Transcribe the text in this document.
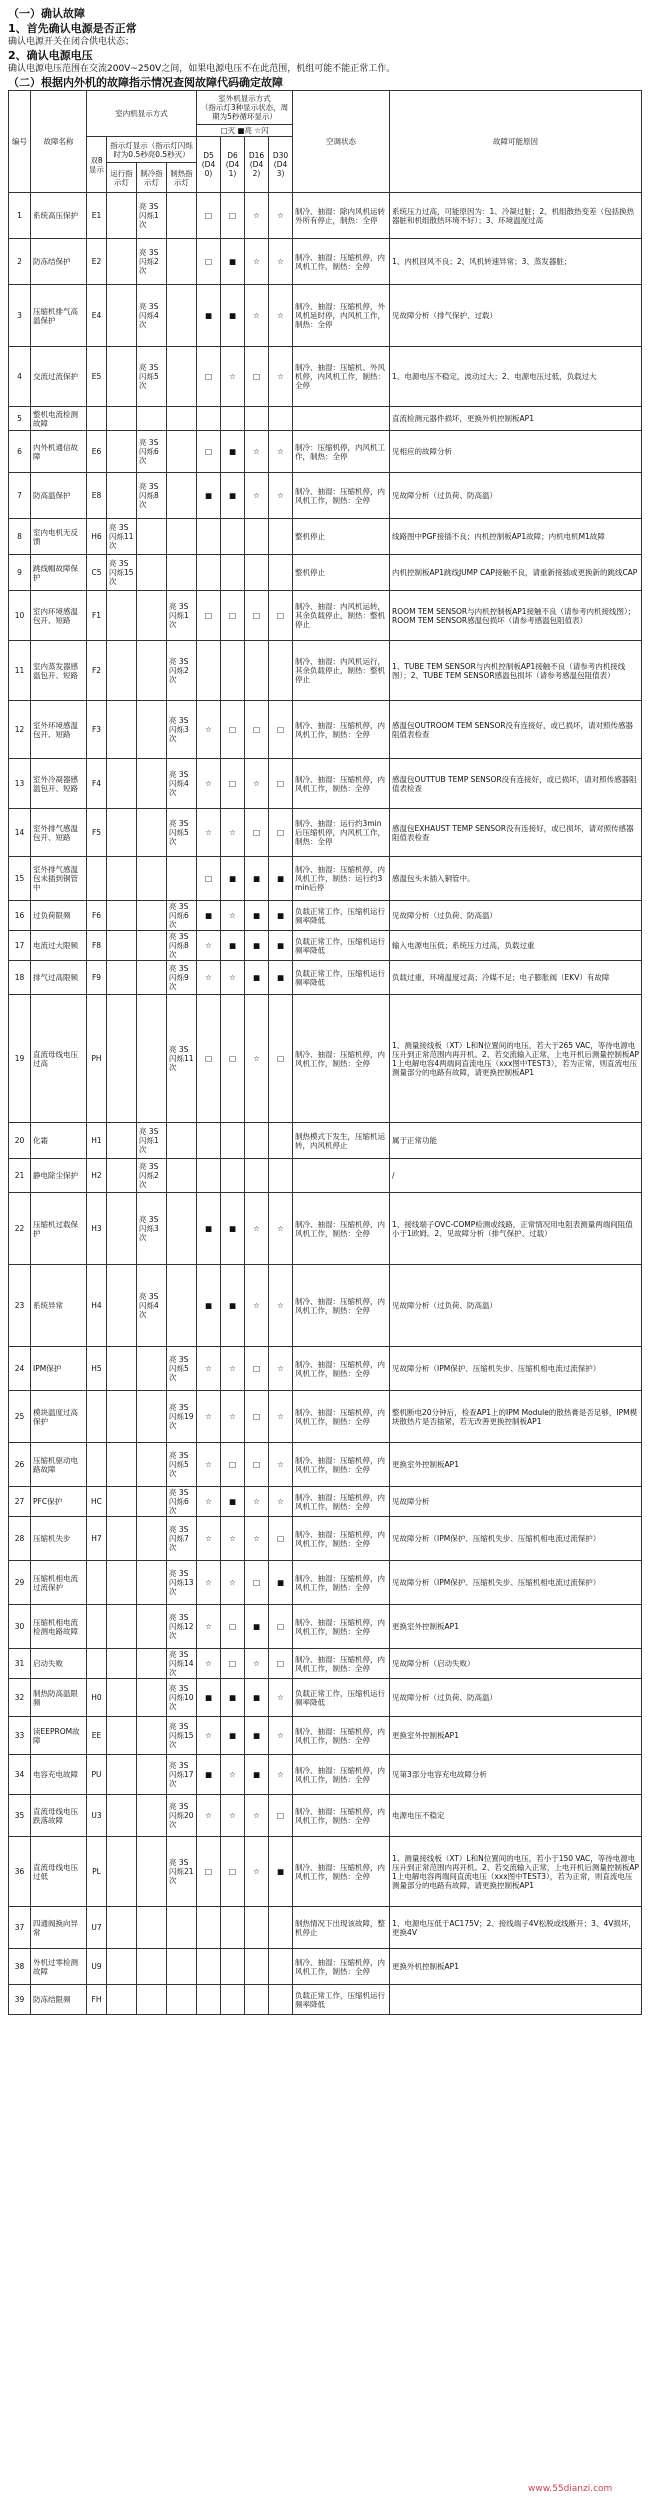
（一）确认故障

1、首先确认电源是否正常

确认电源开关在闭合供电状态；

2、确认电源电压

确认电源电压范围在交流200V~250V之间，如果电源电压不在此范围，机组可能不能正常工作。

（二）根据内外机的故障指示情况查阅故障代码确定故障

编号	故障名称	室内机显示方式				室外机显示方式
（指示灯3种显示状态，周期为5秒循环显示）				空调状态	故障可能原因
						□灭 ■亮 ☆闪					
		双8显示	指示灯显示（指示灯闪烁时为0.5秒亮0.5秒灭）			D5 (D40)	D6 (D41)	D16 (D42)	D30 (D43)		
			运行指示灯	制冷指示灯	制热指示灯						
1	系统高压保护	E1		亮 3S 闪烁1次		□	□	☆	☆	制冷、抽湿：除内风机运转外所有停止，制热：全停	系统压力过高，可能原因为：1、冷凝过脏；2、机组散热变差（包括换热器脏和机组散热环境不好）；3、环境温度过高
2	防冻结保护	E2		亮 3S 闪烁2次		□	■	☆	☆	制冷、抽湿：压缩机停，内风机工作，制热：全停	1、内机回风不良；2、风机转速异常；3、蒸发器脏；
3	压缩机排气高温保护	E4		亮 3S 闪烁4次		■	■	☆	☆	制冷、抽湿：压缩机停，外风机延时停，内风机工作，制热：全停	见故障分析（排气保护、过载）
4	交流过流保护	E5		亮 3S 闪烁5次		□	☆	□	☆	制冷、抽湿：压缩机、外风机停，内风机工作，制热：全停	1、电源电压不稳定，波动过大；2、电源电压过低，负载过大
5	整机电流检测故障										直流检测元器件损坏，更换外机控制板AP1
6	内外机通信故障	E6		亮 3S 闪烁6次		□	■	☆	☆	制冷：压缩机停，内风机工作，制热：全停	见相应的故障分析
7	防高温保护	E8		亮 3S 闪烁8次		■	■	☆	☆	制冷、抽湿：压缩机停，内风机工作，制热：全停	见故障分析（过负荷、防高温）
8	室内电机无反馈	H6	亮 3S 闪烁11次							整机停止	线路图中PGF接插不良；内机控制板AP1故障；内机电机M1故障
9	跳线帽故障保护	C5	亮 3S 闪烁15次							整机停止	内机控制板AP1跳线JUMP CAP接触不良，请重新接插或更换新的跳线CAP
10	室内环境感温包开、短路	F1			亮 3S 闪烁1次	□	□	□	□	制冷、抽湿：内风机运转，其余负载停止，制热：整机停止	ROOM TEM SENSOR与内机控制板AP1接触不良（请参考内机接线图）；ROOM TEM SENSOR感温包损坏（请参考感温包阻值表）
11	室内蒸发器感温包开、短路	F2			亮 3S 闪烁2次					制冷、抽湿：内风机运行，其余负载停止，制热：整机停止	1、TUBE TEM SENSOR与内机控制板AP1接触不良（请参考内机接线图）；2、TUBE TEM SENSOR感温包损坏（请参考感温包阻值表）
12	室外环境感温包开、短路	F3			亮 3S 闪烁3次	☆	□	□	□	制冷、抽湿：压缩机停，内风机工作，制热：全停	感温包OUTROOM TEM SENSOR没有连接好，或已损坏，请对照传感器阻值表检查
13	室外冷凝器感温包开、短路	F4			亮 3S 闪烁4次	☆	□	☆	□	制冷、抽湿：压缩机停，内风机工作，制热：全停	感温包OUTTUB TEMP SENSOR没有连接好，或已损坏，请对照传感器阻值表检查
14	室外排气感温包开、短路	F5			亮 3S 闪烁5次	☆	☆	□	□	制冷、抽湿：运行约3min后压缩机停，内风机工作，制热：全停	感温包EXHAUST TEMP SENSOR没有连接好，或已损坏，请对照传感器阻值表检查
15	室外排气感温包未插到铜管中					□	■	■	■	制冷、抽湿：压缩机停，内风机工作，制热：运行约3min后停	感温包头未插入铜管中。
16	过负荷限频	F6			亮 3S 闪烁6次	■	☆	■	■	负载正常工作，压缩机运行频率降低	见故障分析（过负荷、防高温）
17	电流过大限频	F8			亮 3S 闪烁8次	☆	■	■	■	负载正常工作，压缩机运行频率降低	输入电源电压低；系统压力过高，负载过重
18	排气过高限频	F9			亮 3S 闪烁9次	☆	☆	■	■	负载正常工作，压缩机运行频率降低	负载过重，环境温度过高；冷媒不足；电子膨胀阀（EKV）有故障
19	直流母线电压过高	PH			亮 3S 闪烁11次	□	□	☆	□	制冷、抽湿：压缩机停，内风机工作，制热：全停	1、测量接线板（XT）L和N位置间的电压，若大于265 VAC，等待电源电压升到正常范围内再开机。2、若交流输入正常，上电开机后测量控制板AP1上电解电容4两端间直流电压（xxx图中TEST3），若为正常，则直流电压测量部分的电路有故障，请更换控制板AP1
20	化霜	H1		亮 3S 闪烁1次						制热模式下发生，压缩机运转，内风机停止	属于正常功能
21	静电除尘保护	H2		亮 3S 闪烁2次							/
22	压缩机过载保护	H3		亮 3S 闪烁3次		■	■	☆	☆	制冷、抽湿：压缩机停，内风机工作，制热：全停	1、接线端子OVC-COMP检测或线路，正常情况用电阻表测量两端间阻值小于1欧姆。2、见故障分析（排气保护、过载）
23	系统异常	H4		亮 3S 闪烁4次		■	■	☆	☆	制冷、抽湿：压缩机停，内风机工作，制热：全停	见故障分析（过负荷、防高温）
24	IPM保护	H5			亮 3S 闪烁5次	☆	☆	□	☆	制冷、抽湿：压缩机停，内风机工作，制热：全停	见故障分析（IPM保护、压缩机失步、压缩机相电流过流保护）
25	模块温度过高保护				亮 3S 闪烁19次	☆	☆	□	☆	制冷、抽湿：压缩机停，内风机工作，制热：全停	整机断电20分钟后，检查AP1上的IPM Module的散热膏是否足够，IPM模块散热片是否插紧，若无改善更换控制板AP1
26	压缩机驱动电路故障				亮 3S 闪烁5次	☆	□	□	☆	制冷、抽湿：压缩机停，内风机工作，制热：全停	更换室外控制板AP1
27	PFC保护	HC			亮 3S 闪烁6次	☆	■	☆	☆	制冷、抽湿：压缩机停，内风机工作，制热：全停	见故障分析
28	压缩机失步	H7			亮 3S 闪烁7次	☆	☆	☆	□	制冷、抽湿：压缩机停，内风机工作，制热：全停	见故障分析（IPM保护、压缩机失步、压缩机相电流过流保护）
29	压缩机相电流过流保护				亮 3S 闪烁13次	☆	☆	□	■	制冷、抽湿：压缩机停，内风机工作，制热：全停	见故障分析（IPM保护、压缩机失步、压缩机相电流过流保护）
30	压缩机相电流检测电路故障				亮 3S 闪烁12次	☆	□	■	□	制冷、抽湿：压缩机停，内风机工作，制热：全停	更换室外控制板AP1
31	启动失败				亮 3S 闪烁14次	☆	□	☆	□	制冷、抽湿：压缩机停，内风机工作，制热：全停	见故障分析（启动失败）
32	制热防高温限频	H0			亮 3S 闪烁10次	■	■	■	☆	负载正常工作，压缩机运行频率降低	见故障分析（过负荷、防高温）
33	读EEPROM故障	EE			亮 3S 闪烁15次	☆	■	■	☆	制冷、抽湿：压缩机停，内风机工作，制热：全停	更换室外控制板AP1
34	电容充电故障	PU			亮 3S 闪烁17次	■	☆	■	☆	制冷、抽湿：压缩机停，内风机工作，制热：全停	见第3部分电容充电故障分析
35	直流母线电压跌落故障	U3			亮 3S 闪烁20次	☆	☆	☆	□	制冷、抽湿：压缩机停，内风机工作，制热：全停	电源电压不稳定
36	直流母线电压过低	PL			亮 3S 闪烁21次	□	□	☆	■	制冷、抽湿：压缩机停，内风机工作，制热：全停	1、测量接线板（XT）L和N位置间的电压，若小于150 VAC，等待电源电压升到正常范围内再开机。2、若交流输入正常，上电开机后测量控制板AP1上电解电容两端间直流电压（xxx图中TEST3），若为正常，则直流电压测量部分的电路有故障，请更换控制板AP1
37	四通阀换向异常	U7								制热情况下出现该故障，整机停止	1、电源电压低于AC175V；2、接线端子4V松脱或线断开；3、4V损坏，更换4V
38	外机过零检测故障	U9								制冷、抽湿：压缩机停，内风机工作，制热：全停	更换外机控制板AP1
39	防冻结限频	FH								负载正常工作，压缩机运行频率降低	
www.55dianzi.com
